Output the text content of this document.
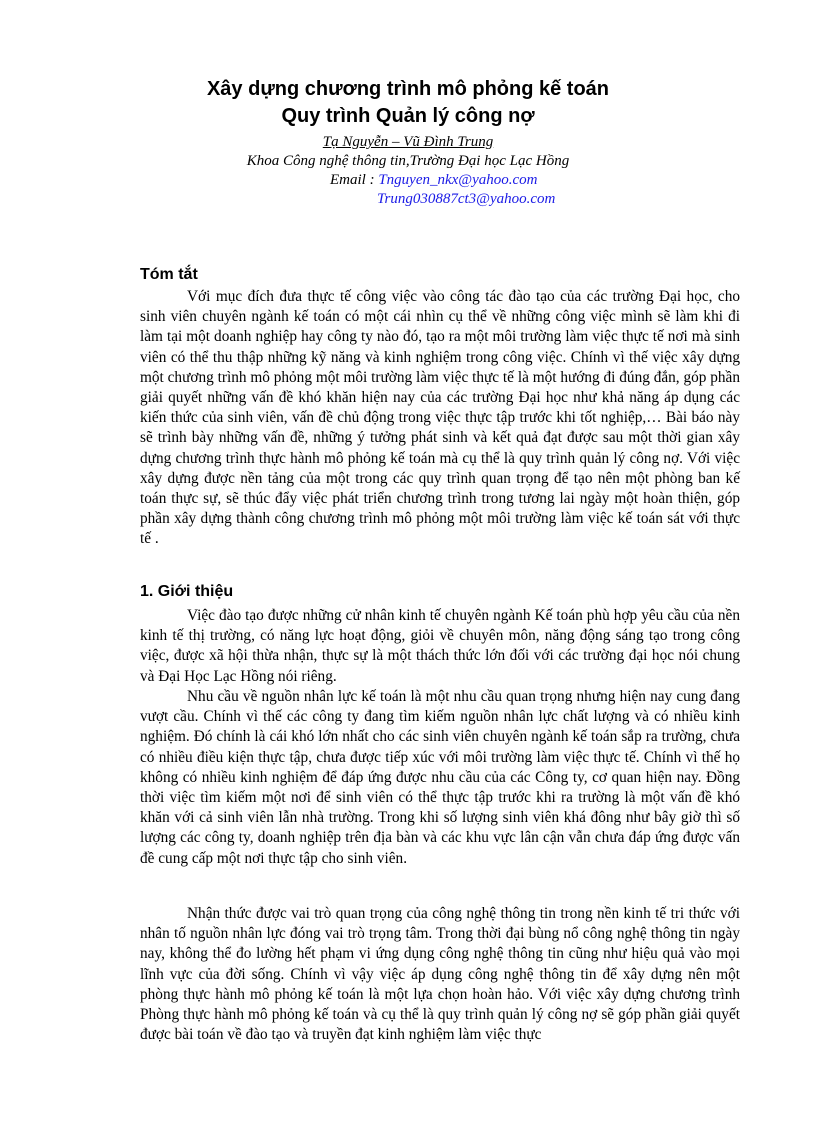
Xây dựng chương trình mô phỏng kế toán
Quy trình Quản lý công nợ
Tạ Nguyễn – Vũ Đình Trung
Khoa Công nghệ thông tin,Trường Đại học Lạc Hồng
Email : Tnguyen_nkx@yahoo.com
Trung030887ct3@yahoo.com
Tóm tắt

Với mục đích đưa thực tế công việc vào công tác đào tạo của các trường Đại học, cho sinh viên chuyên ngành kế toán có một cái nhìn cụ thể về những công việc mình sẽ làm khi đi làm tại một doanh nghiệp hay công ty nào đó, tạo ra một môi trường làm việc thực tế nơi mà sinh viên có thể thu thập những kỹ năng và kinh nghiệm trong công việc. Chính vì thế việc xây dựng một chương trình mô phỏng một môi trường làm việc thực tế là một hướng đi đúng đắn, góp phần giải quyết những vấn đề khó khăn hiện nay của các trường Đại học như khả năng áp dụng các kiến thức của sinh viên, vấn đề chủ động trong việc thực tập trước khi tốt nghiệp,… Bài báo này sẽ trình bày những vấn đề, những ý tưởng phát sinh và kết quả đạt được sau một thời gian xây dựng chương trình thực hành mô phỏng kế toán mà cụ thể là quy trình quản lý công nợ. Với việc xây dựng được nền tảng của một trong các quy trình quan trọng để tạo nên một phòng ban kế toán thực sự, sẽ thúc đẩy việc phát triển chương trình trong tương lai ngày một hoàn thiện, góp phần xây dựng thành công chương trình mô phỏng một môi trường làm việc kế toán sát với thực tế .

1. Giới thiệu

Việc đào tạo được những cử nhân kinh tế chuyên ngành Kế toán phù hợp yêu cầu của nền kinh tế thị trường, có năng lực hoạt động, giỏi về chuyên môn, năng động sáng tạo trong công việc, được xã hội thừa nhận, thực sự là một thách thức lớn đối với các trường đại học nói chung và Đại Học Lạc Hồng nói riêng.

Nhu cầu về nguồn nhân lực kế toán là một nhu cầu quan trọng nhưng hiện nay cung đang vượt cầu. Chính vì thế các công ty đang tìm kiếm nguồn nhân lực chất lượng và có nhiều kinh nghiệm. Đó chính là cái khó lớn nhất cho các sinh viên chuyên ngành kế toán sắp ra trường, chưa có nhiều điều kiện thực tập, chưa được tiếp xúc với môi trường làm việc thực tế. Chính vì thế họ không có nhiều kinh nghiệm để đáp ứng được nhu cầu của các Công ty, cơ quan hiện nay. Đồng thời việc tìm kiếm một nơi để sinh viên có thể thực tập trước khi ra trường là một vấn đề khó khăn với cả sinh viên lẫn nhà trường. Trong khi số lượng sinh viên khá đông như bây giờ thì số lượng các công ty, doanh nghiệp trên địa bàn và các khu vực lân cận vẫn chưa đáp ứng được vấn đề cung cấp một nơi thực tập cho sinh viên.

Nhận thức được vai trò quan trọng của công nghệ thông tin trong nền kinh tế tri thức với nhân tố nguồn nhân lực đóng vai trò trọng tâm. Trong thời đại bùng nổ công nghệ thông tin ngày nay, không thể đo lường hết phạm vi ứng dụng công nghệ thông tin cũng như hiệu quả vào mọi lĩnh vực của đời sống. Chính vì vậy việc áp dụng công nghệ thông tin để xây dựng nên một phòng thực hành mô phỏng kế toán là một lựa chọn hoàn hảo. Với việc xây dựng chương trình Phòng thực hành mô phỏng kế toán và cụ thể là quy trình quản lý công nợ sẽ góp phần giải quyết được bài toán về đào tạo và truyền đạt kinh nghiệm làm việc thực
